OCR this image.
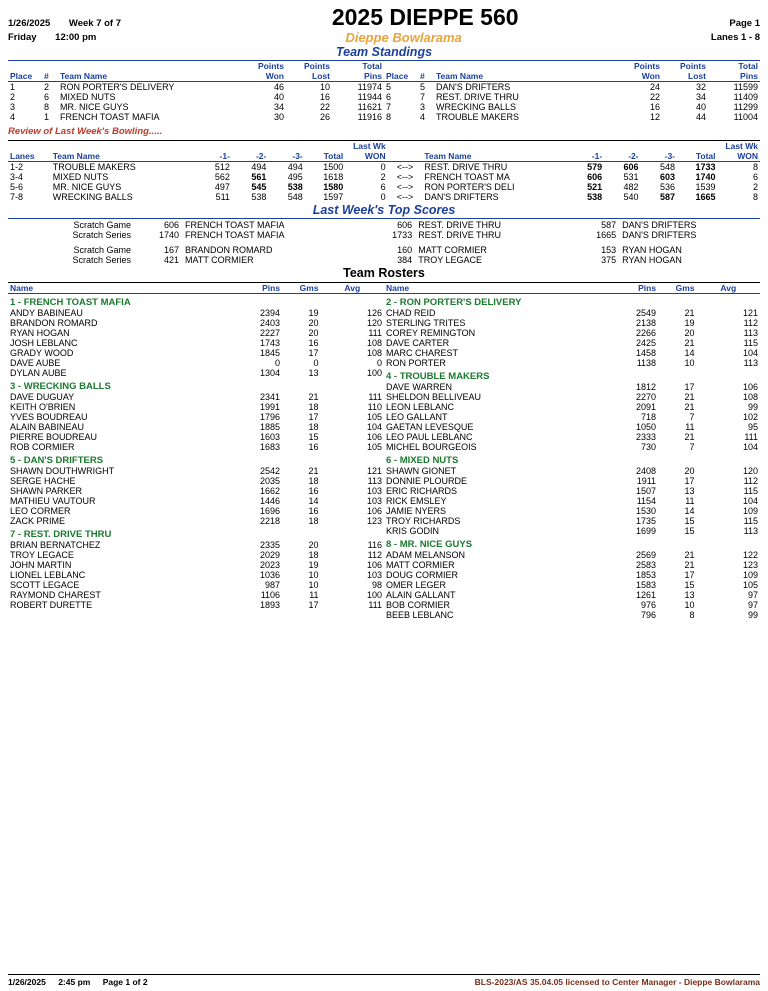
1/26/2025 Week 7 of 7	2025 DIEPPE 560	Page 1
Friday 12:00 pm	Dieppe Bowlarama	Lanes 1 - 8
Team Standings
			Points	Points	Total
Place	#	Team Name	Won	Lost	Pins
1	2	RON PORTER'S DELIVERY	46	10	11974
2	6	MIXED NUTS	40	16	11944
3	8	MR. NICE GUYS	34	22	11621
4	1	FRENCH TOAST MAFIA	30	26	11916
			Points	Points	Total
Place	#	Team Name	Won	Lost	Pins
5	5	DAN'S DRIFTERS	24	32	11599
6	7	REST. DRIVE THRU	22	34	11409
7	3	WRECKING BALLS	16	40	11299
8	4	TROUBLE MAKERS	12	44	11004
Review of Last Week's Bowling.....
						Last Wk							Last Wk
Lanes	Team Name	-1-	-2-	-3-	Total	WON		Team Name	-1-	-2-	-3-	Total	WON
1-2	TROUBLE MAKERS	512	494	494	1500	0	<-->	REST. DRIVE THRU	579	606	548	1733	8
3-4	MIXED NUTS	562	561	495	1618	2	<-->	FRENCH TOAST MA	606	531	603	1740	6
5-6	MR. NICE GUYS	497	545	538	1580	6	<-->	RON PORTER'S DELI	521	482	536	1539	2
7-8	WRECKING BALLS	511	538	548	1597	0	<-->	DAN'S DRIFTERS	538	540	587	1665	8
Last Week's Top Scores
Scratch Game	606	FRENCH TOAST MAFIA	606	REST. DRIVE THRU	587	DAN'S DRIFTERS
Scratch Series	1740	FRENCH TOAST MAFIA	1733	REST. DRIVE THRU	1665	DAN'S DRIFTERS

Scratch Game	167	BRANDON ROMARD	160	MATT CORMIER	153	RYAN HOGAN
Scratch Series	421	MATT CORMIER	384	TROY LEGACE	375	RYAN HOGAN
Team Rosters
Name	Pins	Gms	Avg
1 - FRENCH TOAST MAFIA			
ANDY BABINEAU	2394	19	126
BRANDON ROMARD	2403	20	120
RYAN HOGAN	2227	20	111
JOSH LEBLANC	1743	16	108
GRADY WOOD	1845	17	108
DAVE AUBE	0	0	0
DYLAN AUBE	1304	13	100
3 - WRECKING BALLS			
DAVE DUGUAY	2341	21	111
KEITH O'BRIEN	1991	18	110
YVES BOUDREAU	1796	17	105
ALAIN BABINEAU	1885	18	104
PIERRE BOUDREAU	1603	15	106
ROB CORMIER	1683	16	105
5 - DAN'S DRIFTERS			
SHAWN DOUTHWRIGHT	2542	21	121
SERGE HACHE	2035	18	113
SHAWN PARKER	1662	16	103
MATHIEU VAUTOUR	1446	14	103
LEO CORMER	1696	16	106
ZACK PRIME	2218	18	123
7 - REST. DRIVE THRU			
BRIAN BERNATCHEZ	2335	20	116
TROY LEGACE	2029	18	112
JOHN MARTIN	2023	19	106
LIONEL LEBLANC	1036	10	103
SCOTT LEGACE	987	10	98
RAYMOND CHAREST	1106	11	100
ROBERT DURETTE	1893	17	111
Name	Pins	Gms	Avg
2 - RON PORTER'S DELIVERY			
CHAD REID	2549	21	121
STERLING TRITES	2138	19	112
COREY REMINGTON	2266	20	113
DAVE CARTER	2425	21	115
MARC CHAREST	1458	14	104
RON PORTER	1138	10	113
4 - TROUBLE MAKERS			
DAVE WARREN	1812	17	106
SHELDON BELLIVEAU	2270	21	108
LEON LEBLANC	2091	21	99
LEO GALLANT	718	7	102
GAETAN LEVESQUE	1050	11	95
LEO PAUL LEBLANC	2333	21	111
MICHEL BOURGEOIS	730	7	104
6 - MIXED NUTS			
SHAWN GIONET	2408	20	120
DONNIE PLOURDE	1911	17	112
ERIC RICHARDS	1507	13	115
RICK EMSLEY	1154	11	104
JAMIE NYERS	1530	14	109
TROY RICHARDS	1735	15	115
KRIS GODIN	1699	15	113
8 - MR. NICE GUYS			
ADAM MELANSON	2569	21	122
MATT CORMIER	2583	21	123
DOUG CORMIER	1853	17	109
OMER LEGER	1583	15	105
ALAIN GALLANT	1261	13	97
BOB CORMIER	976	10	97
BEEB LEBLANC	796	8	99
1/26/2025 2:45 pm Page 1 of 2	BLS-2023/AS 35.04.05 licensed to Center Manager - Dieppe Bowlarama
